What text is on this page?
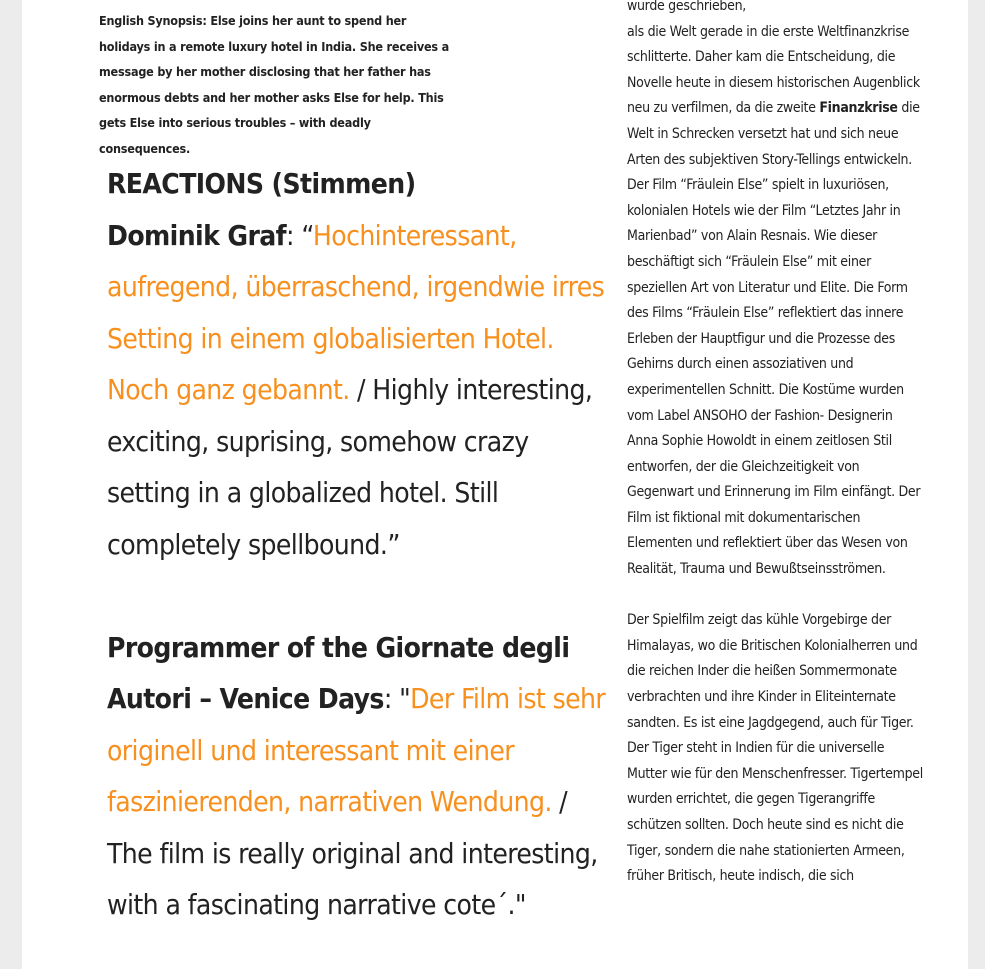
English Synopsis: Else joins her aunt to spend her holidays in a remote luxury hotel in India. She receives a message by her mother disclosing that her father has enormous debts and her mother asks Else for help. This gets Else into serious troubles – with deadly consequences.
REACTIONS (Stimmen)
Dominik Graf: “Hochinteressant, aufregend, überraschend, irgendwie irres Setting in einem globalisierten Hotel. Noch ganz gebannt. / Highly interesting, exciting, suprising, somehow crazy setting in a globalized hotel. Still completely spellbound.”
Programmer of the Giornate degli Autori – Venice Days: "Der Film ist sehr originell und interessant mit einer faszinierenden, narrativen Wendung. / The film is really original and interesting, with a fascinating narrative cote´."

wurde geschrieben,
als die Welt gerade in die erste Weltfinanzkrise schlitterte. Daher kam die Entscheidung, die Novelle heute in diesem historischen Augenblick neu zu verfilmen, da die zweite Finanzkrise die Welt in Schrecken versetzt hat und sich neue Arten des subjektiven Story-Tellings entwickeln. Der Film “Fräulein Else” spielt in luxuriösen, kolonialen Hotels wie der Film “Letztes Jahr in Marienbad” von Alain Resnais. Wie dieser beschäftigt sich “Fräulein Else” mit einer speziellen Art von Literatur und Elite. Die Form des Films “Fräulein Else” reflektiert das innere Erleben der Hauptfigur und die Prozesse des Gehirns durch einen assoziativen und experimentellen Schnitt. Die Kostüme wurden vom Label ANSOHO der Fashion- Designerin Anna Sophie Howoldt in einem zeitlosen Stil entworfen, der die Gleichzeitigkeit von Gegenwart und Erinnerung im Film einfängt. Der Film ist fiktional mit dokumentarischen Elementen und reflektiert über das Wesen von Realität, Trauma und Bewußtseinsströmen.

Der Spielfilm zeigt das kühle Vorgebirge der Himalayas, wo die Britischen Kolonialherren und die reichen Inder die heißen Sommermonate verbrachten und ihre Kinder in Eliteinternate sandten. Es ist eine Jagdgegend, auch für Tiger. Der Tiger steht in Indien für die universelle Mutter wie für den Menschenfresser. Tigertempel wurden errichtet, die gegen Tigerangriffe schützen sollten. Doch heute sind es nicht die Tiger, sondern die nahe stationierten Armeen, früher Britisch, heute indisch, die sich
